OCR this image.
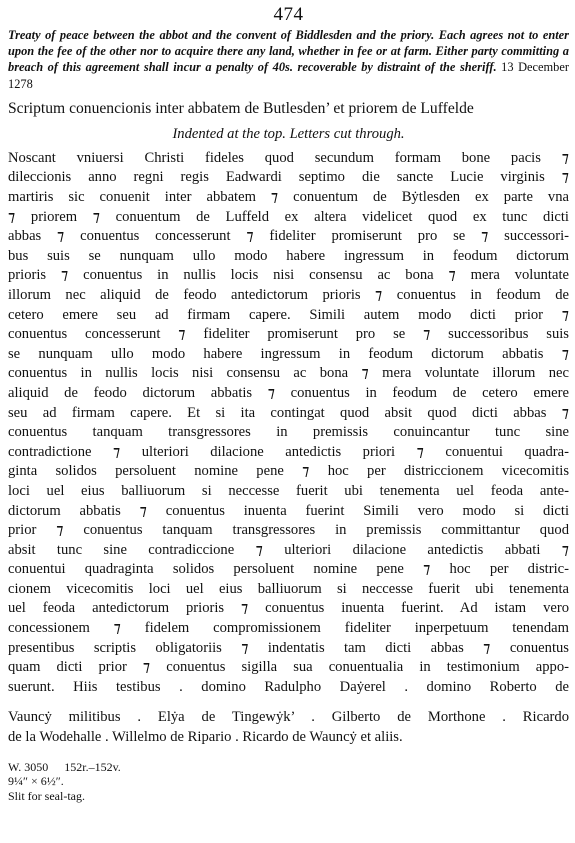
474
Treaty of peace between the abbot and the convent of Biddlesden and the priory. Each agrees not to enter upon the fee of the other nor to acquire there any land, whether in fee or at farm. Either party committing a breach of this agreement shall incur a penalty of 40s. recoverable by distraint of the sheriff. 13 December 1278
Scriptum conuencionis inter abbatem de Butlesden’ et priorem de Luffelde
Indented at the top. Letters cut through.
Noscant vniuersi Christi fideles quod secundum formam bone pacis ⁊
dileccionis anno regni regis Eadwardi septimo die sancte Lucie virginis ⁊
martiris sic conuenit inter abbatem ⁊ conuentum de Bẏtlesden ex parte vna
⁊ priorem ⁊ conuentum de Luffeld ex altera videlicet quod ex tunc dicti
abbas ⁊ conuentus concesserunt ⁊ fideliter promiserunt pro se ⁊ successori-
bus suis se nunquam ullo modo habere ingressum in feodum dictorum
prioris ⁊ conuentus in nullis locis nisi consensu ac bona ⁊ mera voluntate
illorum nec aliquid de feodo antedictorum prioris ⁊ conuentus in feodum de
cetero emere seu ad firmam capere. Simili autem modo dicti prior ⁊
conuentus concesserunt ⁊ fideliter promiserunt pro se ⁊ successoribus suis
se nunquam ullo modo habere ingressum in feodum dictorum abbatis ⁊
conuentus in nullis locis nisi consensu ac bona ⁊ mera voluntate illorum nec
aliquid de feodo dictorum abbatis ⁊ conuentus in feodum de cetero emere
seu ad firmam capere. Et si ita contingat quod absit quod dicti abbas ⁊
conuentus tanquam transgressores in premissis conuincantur tunc sine
contradictione ⁊ ulteriori dilacione antedictis priori ⁊ conuentui quadra-
ginta solidos persoluent nomine pene ⁊ hoc per districcionem vicecomitis
loci uel eius balliuorum si neccesse fuerit ubi tenementa uel feoda ante-
dictorum abbatis ⁊ conuentus inuenta fuerint Simili vero modo si dicti
prior ⁊ conuentus tanquam transgressores in premissis committantur quod
absit tunc sine contradiccione ⁊ ulteriori dilacione antedictis abbati ⁊
conuentui quadraginta solidos persoluent nomine pene ⁊ hoc per distric-
cionem vicecomitis loci uel eius balliuorum si neccesse fuerit ubi tenementa
uel feoda antedictorum prioris ⁊ conuentus inuenta fuerint. Ad istam vero
concessionem ⁊ fidelem compromissionem fideliter inperpetuum tenendam
presentibus scriptis obligatoriis ⁊ indentatis tam dicti abbas ⁊ conuentus
quam dicti prior ⁊ conuentus sigilla sua conuentualia in testimonium appo-
suerunt. Hiis testibus . domino Radulpho Daẏerel . domino Roberto de
Vauncẏ militibus . Elẏa de Tingewẏk’ . Gilberto de Morthone . Ricardo
de la Wodehalle . Willelmo de Ripario . Ricardo de Wauncẏ et aliis.
W. 3050 152r.–152v.
9¼″ × 6½″.
Slit for seal-tag.
